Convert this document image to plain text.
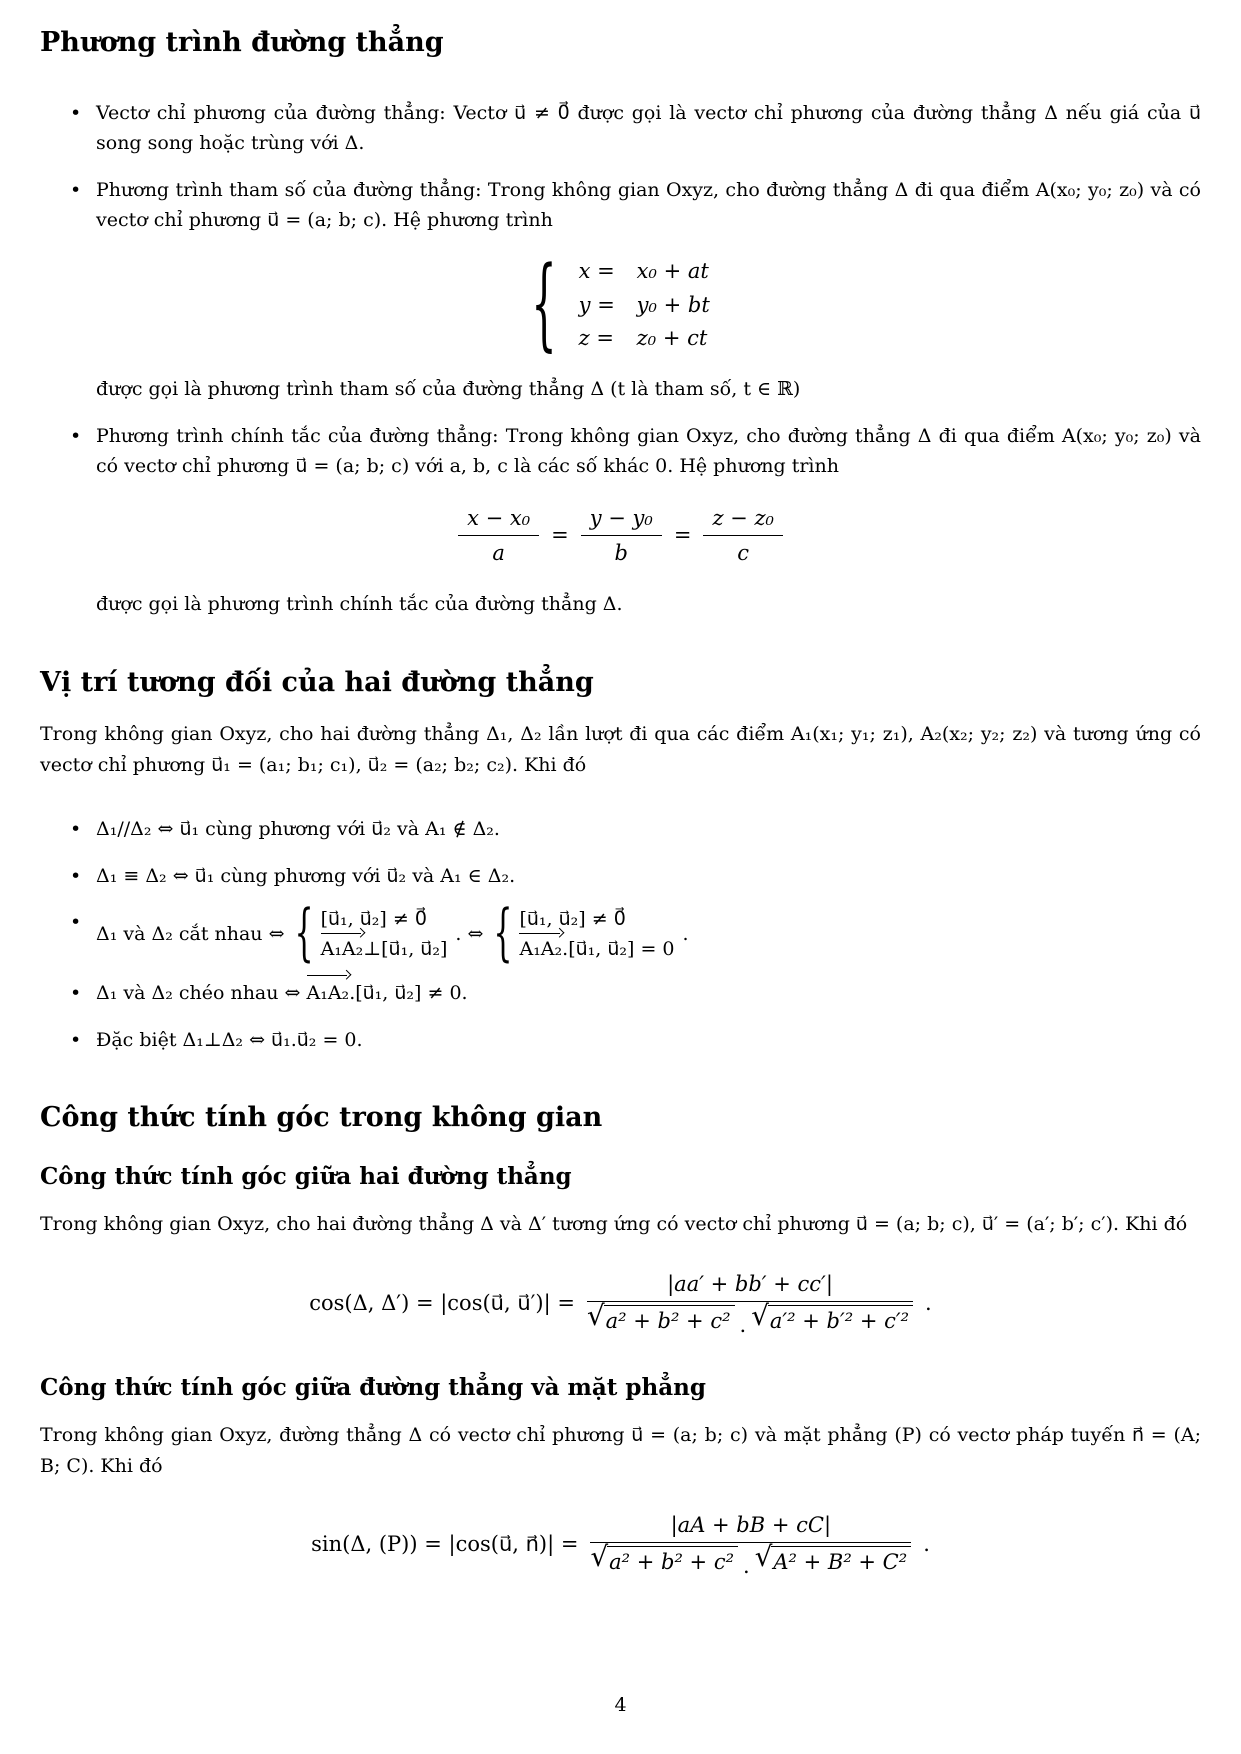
Phương trình đường thẳng
• Vectơ chỉ phương của đường thẳng: Vectơ u⃗ ≠ 0⃗ được gọi là vectơ chỉ phương của đường thẳng Δ nếu giá của u⃗ song song hoặc trùng với Δ.
• Phương trình tham số của đường thẳng: Trong không gian Oxyz, cho đường thẳng Δ đi qua điểm A(x₀; y₀; z₀) và có vectơ chỉ phương u⃗ = (a; b; c). Hệ phương trình
{ x =	x₀ + at
y =	y₀ + bt
z =	z₀ + ct

được gọi là phương trình tham số của đường thẳng Δ (t là tham số, t ∈ ℝ)

• Phương trình chính tắc của đường thẳng: Trong không gian Oxyz, cho đường thẳng Δ đi qua điểm A(x₀; y₀; z₀) và có vectơ chỉ phương u⃗ = (a; b; c) với a, b, c là các số khác 0. Hệ phương trình
$\frac{\text{x − x₀}}{a} = \frac{\text{y − y₀}}{b} = \frac{\text{z − z₀}}{c}$

được gọi là phương trình chính tắc của đường thẳng Δ.

Vị trí tương đối của hai đường thẳng

Trong không gian Oxyz, cho hai đường thẳng Δ₁, Δ₂ lần lượt đi qua các điểm A₁(x₁; y₁; z₁), A₂(x₂; y₂; z₂) và tương ứng có vectơ chỉ phương u⃗₁ = (a₁; b₁; c₁), u⃗₂ = (a₂; b₂; c₂). Khi đó

• Δ₁//Δ₂ ⇔ u⃗₁ cùng phương với u⃗₂ và A₁ ∉ Δ₂.
• Δ₁ ≡ Δ₂ ⇔ u⃗₁ cùng phương với u⃗₂ và A₁ ∈ Δ₂.
• Δ₁ và Δ₂ cắt nhau ⇔ { [u⃗₁, u⃗₂] ≠ 0⃗
A₁A₂⊥[u⃗₁, u⃗₂]
. ⇔ { [u⃗₁, u⃗₂] ≠ 0⃗
A₁A₂.[u⃗₁, u⃗₂] = 0
.
• Δ₁ và Δ₂ chéo nhau ⇔ A₁A₂.[u⃗₁, u⃗₂] ≠ 0.
• Đặc biệt Δ₁⊥Δ₂ ⇔ u⃗₁.u⃗₂ = 0.
Công thức tính góc trong không gian
Công thức tính góc giữa hai đường thẳng

Trong không gian Oxyz, cho hai đường thẳng Δ và Δ′ tương ứng có vectơ chỉ phương u⃗ = (a; b; c), u⃗′ = (a′; b′; c′). Khi đó

cos(Δ, Δ′) = |cos(u⃗, u⃗′)| = $\frac{|aa' + bb' + cc'|}{\text{√ a² + b² + c² . √ a′² + b′² + c′²}}$ .
Công thức tính góc giữa đường thẳng và mặt phẳng

Trong không gian Oxyz, đường thẳng Δ có vectơ chỉ phương u⃗ = (a; b; c) và mặt phẳng (P) có vectơ pháp tuyến n⃗ = (A; B; C). Khi đó

sin(Δ, (P)) = |cos(u⃗, n⃗)| = $\frac{|aA + bB + cC|}{\text{√ a² + b² + c² . √ A² + B² + C²}}$ .
4
